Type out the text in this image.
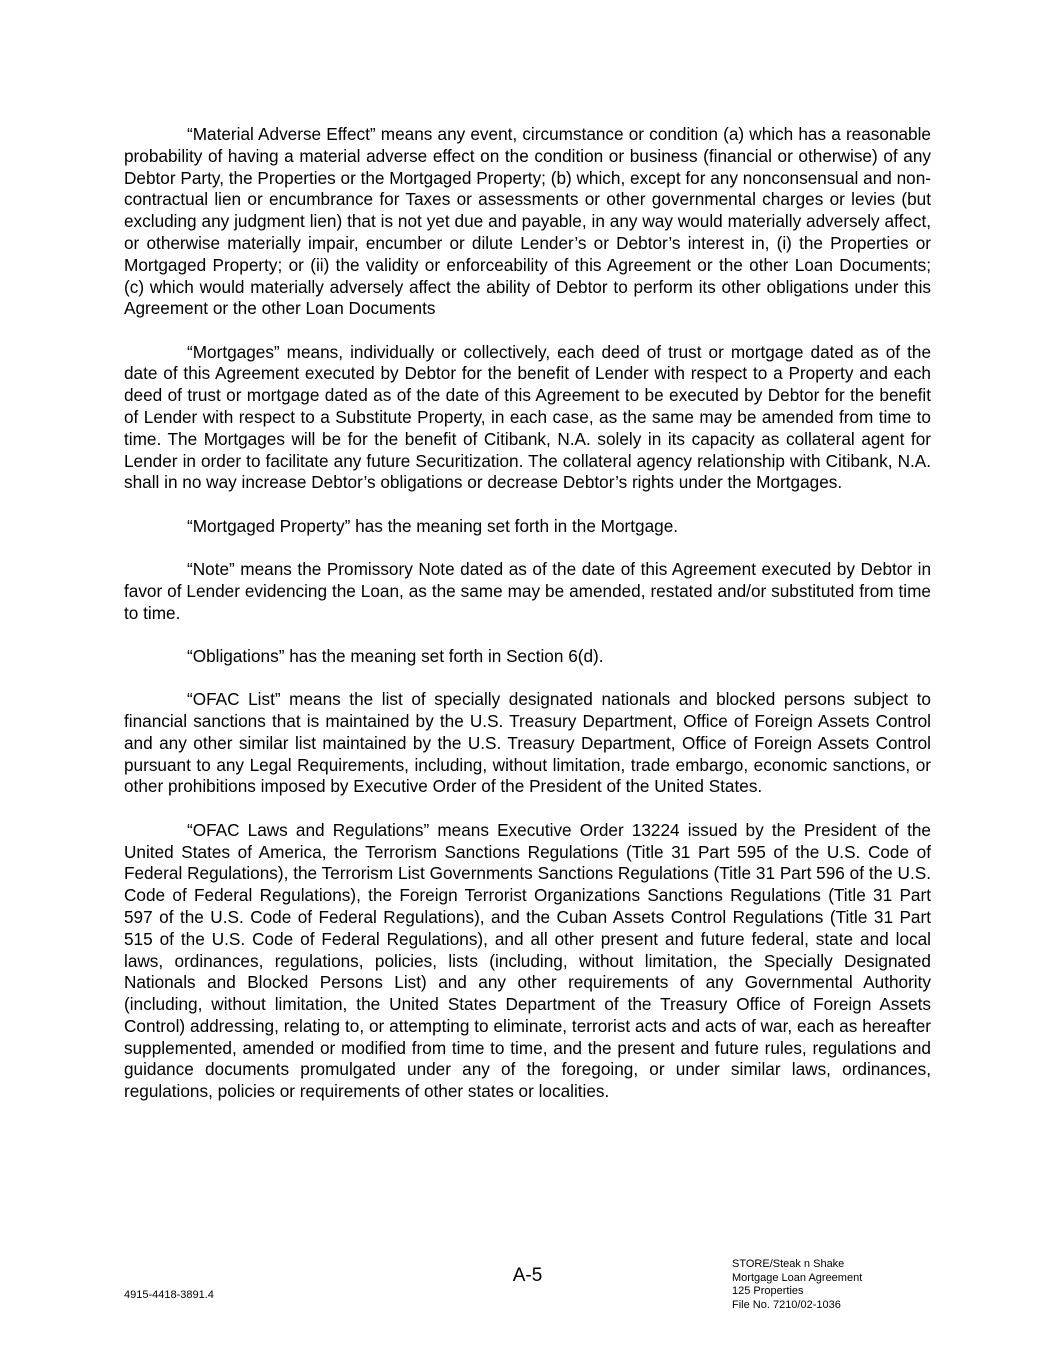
“Material Adverse Effect” means any event, circumstance or condition (a) which has a reasonable probability of having a material adverse effect on the condition or business (financial or otherwise) of any Debtor Party, the Properties or the Mortgaged Property; (b) which, except for any nonconsensual and non-contractual lien or encumbrance for Taxes or assessments or other governmental charges or levies (but excluding any judgment lien) that is not yet due and payable, in any way would materially adversely affect, or otherwise materially impair, encumber or dilute Lender’s or Debtor’s interest in, (i) the Properties or Mortgaged Property; or (ii) the validity or enforceability of this Agreement or the other Loan Documents; (c) which would materially adversely affect the ability of Debtor to perform its other obligations under this Agreement or the other Loan Documents

“Mortgages” means, individually or collectively, each deed of trust or mortgage dated as of the date of this Agreement executed by Debtor for the benefit of Lender with respect to a Property and each deed of trust or mortgage dated as of the date of this Agreement to be executed by Debtor for the benefit of Lender with respect to a Substitute Property, in each case, as the same may be amended from time to time. The Mortgages will be for the benefit of Citibank, N.A. solely in its capacity as collateral agent for Lender in order to facilitate any future Securitization. The collateral agency relationship with Citibank, N.A. shall in no way increase Debtor’s obligations or decrease Debtor’s rights under the Mortgages.

“Mortgaged Property” has the meaning set forth in the Mortgage.

“Note” means the Promissory Note dated as of the date of this Agreement executed by Debtor in favor of Lender evidencing the Loan, as the same may be amended, restated and/or substituted from time to time.

“Obligations” has the meaning set forth in Section 6(d).

“OFAC List” means the list of specially designated nationals and blocked persons subject to financial sanctions that is maintained by the U.S. Treasury Department, Office of Foreign Assets Control and any other similar list maintained by the U.S. Treasury Department, Office of Foreign Assets Control pursuant to any Legal Requirements, including, without limitation, trade embargo, economic sanctions, or other prohibitions imposed by Executive Order of the President of the United States.

“OFAC Laws and Regulations” means Executive Order 13224 issued by the President of the United States of America, the Terrorism Sanctions Regulations (Title 31 Part 595 of the U.S. Code of Federal Regulations), the Terrorism List Governments Sanctions Regulations (Title 31 Part 596 of the U.S. Code of Federal Regulations), the Foreign Terrorist Organizations Sanctions Regulations (Title 31 Part 597 of the U.S. Code of Federal Regulations), and the Cuban Assets Control Regulations (Title 31 Part 515 of the U.S. Code of Federal Regulations), and all other present and future federal, state and local laws, ordinances, regulations, policies, lists (including, without limitation, the Specially Designated Nationals and Blocked Persons List) and any other requirements of any Governmental Authority (including, without limitation, the United States Department of the Treasury Office of Foreign Assets Control) addressing, relating to, or attempting to eliminate, terrorist acts and acts of war, each as hereafter supplemented, amended or modified from time to time, and the present and future rules, regulations and guidance documents promulgated under any of the foregoing, or under similar laws, ordinances, regulations, policies or requirements of other states or localities.

A-5
4915-4418-3891.4
STORE/Steak n Shake
Mortgage Loan Agreement
125 Properties
File No. 7210/02-1036
